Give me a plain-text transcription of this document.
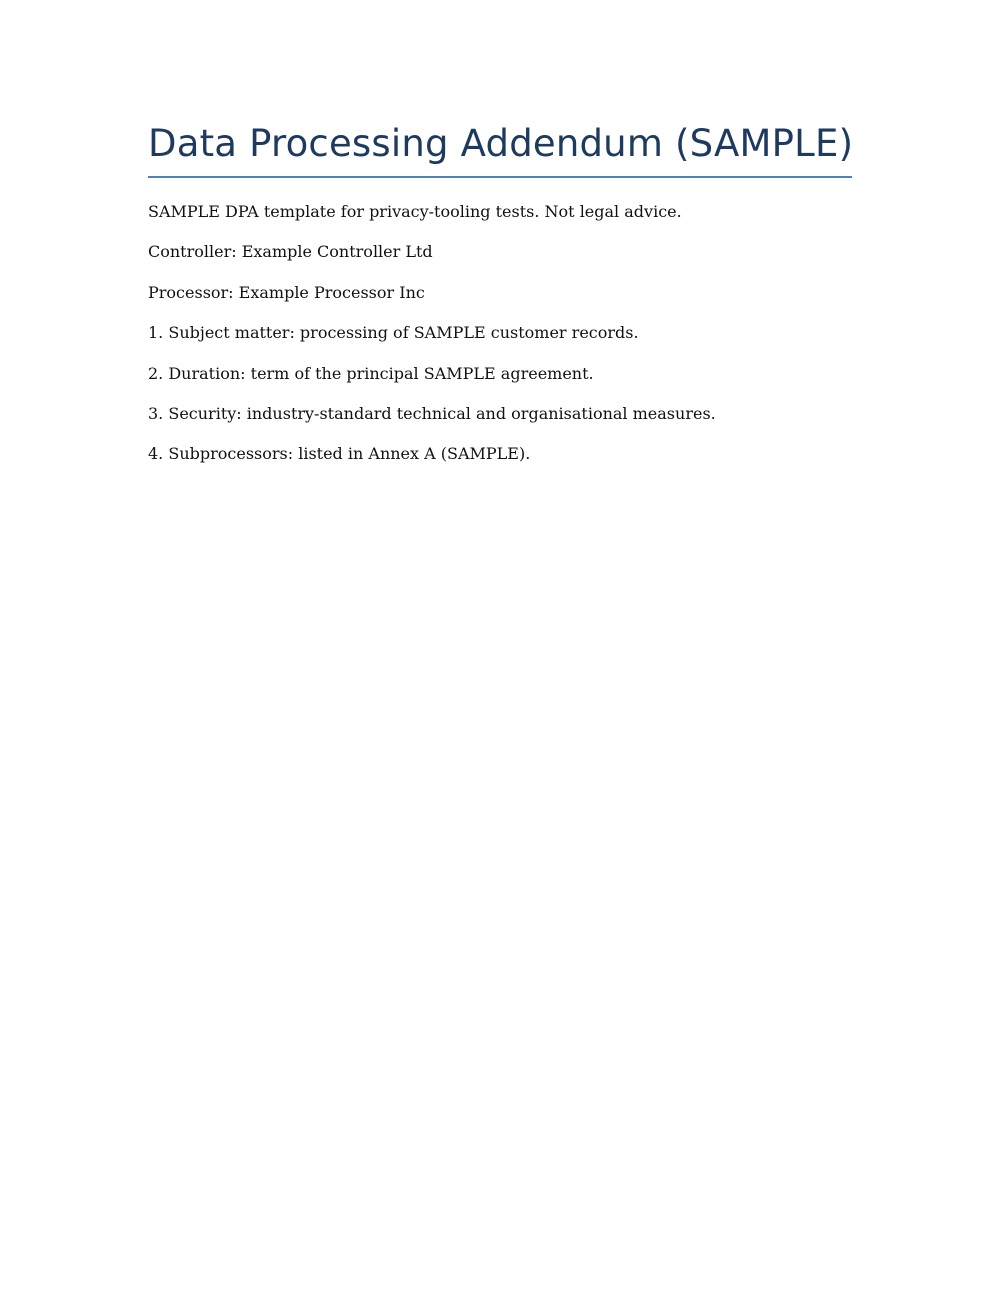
Data Processing Addendum (SAMPLE)

SAMPLE DPA template for privacy-tooling tests. Not legal advice.

Controller: Example Controller Ltd

Processor: Example Processor Inc

1. Subject matter: processing of SAMPLE customer records.

2. Duration: term of the principal SAMPLE agreement.

3. Security: industry-standard technical and organisational measures.

4. Subprocessors: listed in Annex A (SAMPLE).
